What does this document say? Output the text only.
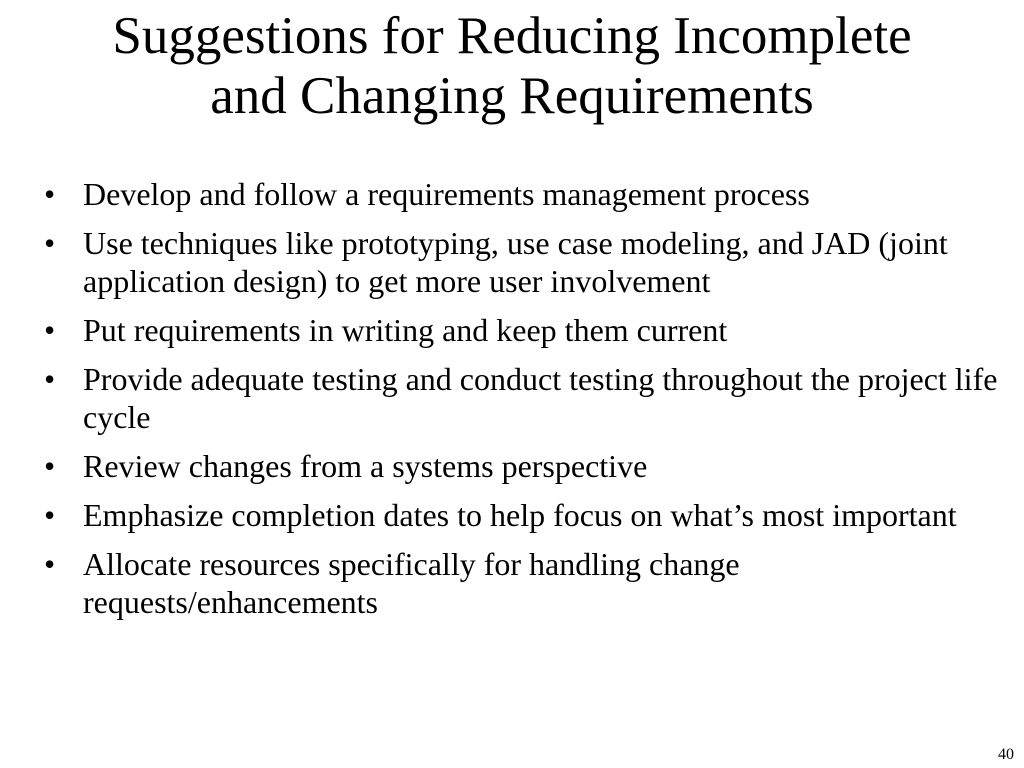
Suggestions for Reducing Incomplete
and Changing Requirements
• Develop and follow a requirements management process
• Use techniques like prototyping, use case modeling, and JAD (joint application design) to get more user involvement
• Put requirements in writing and keep them current
• Provide adequate testing and conduct testing throughout the project life cycle
• Review changes from a systems perspective
• Emphasize completion dates to help focus on what’s most important
• Allocate resources specifically for handling change requests/enhancements
40
